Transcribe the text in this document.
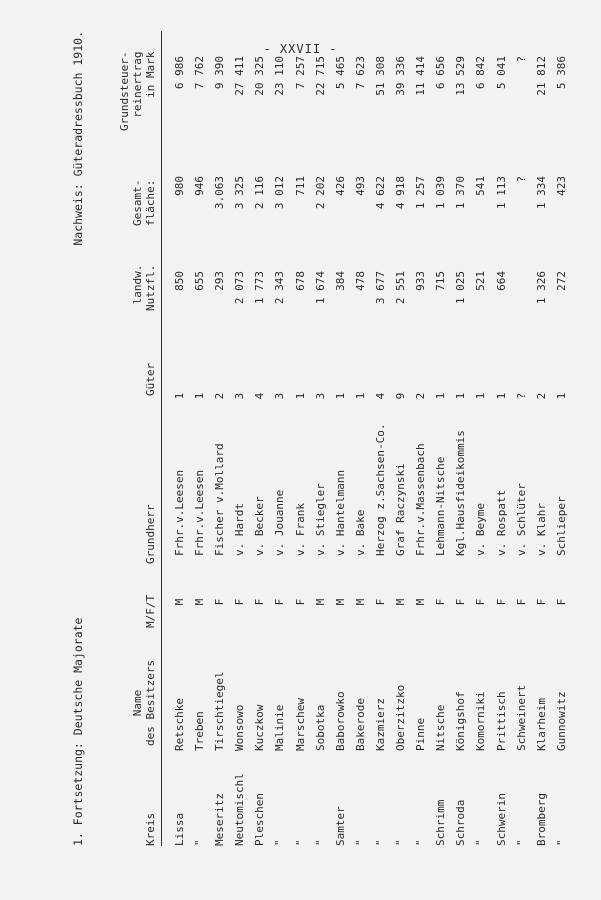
- XXVII -
1. Fortsetzung: Deutsche Majorate
Nachweis: Güteradressbuch 1910.
Kreis
Name des Besitzers
M/F/T
Grundherr
Güter
landw. Nutzfl.
Gesamt- fläche:
Grundsteuer- reinertrag in Mark
Lissa
Retschke
M
Frhr.v.Leesen
1
850
980
6 986
"
Treben
M
Frhr.v.Leesen
1
655
946
7 762
Meseritz
Tirschtiegel
F
Fischer v.Mollard
2
293
3.063
9 390
Neutomischl
Wonsowo
F
v. Hardt
3
2 073
3 325
27 411
Pleschen
Kuczkow
F
v. Becker
4
1 773
2 116
20 325
"
Malinie
F
v. Jouanne
3
2 343
3 012
23 110
"
Marschew
F
v. Frank
1
678
711
7 257
"
Sobotka
M
v. Stiegler
3
1 674
2 202
22 715
Samter
Baborowko
M
v. Hantelmann
1
384
426
5 465
"
Bakerode
M
v. Bake
1
478
493
7 623
"
Kazmierz
F
Herzog z.Sachsen-Co.
4
3 677
4 622
51 308
"
Oberzitzko
M
Graf Raczynski
9
2 551
4 918
39 336
"
Pinne
M
Frhr.v.Massenbach
2
933
1 257
11 414
Schrimm
Nitsche
F
Lehmann-Nitsche
1
715
1 039
6 656
Schroda
Königshof
F
Kgl.Hausfideikommis
1
1 025
1 370
13 529
"
Komorniki
F
v. Beyme
1
521
541
6 842
Schwerin
Prittisch
F
v. Rospatt
1
664
1 113
5 041
"
Schweinert
F
v. Schlüter
?
?
?
Bromberg
Klarheim
F
v. Klahr
2
1 326
1 334
21 812
"
Gunnowitz
F
Schlieper
1
272
423
5 386
